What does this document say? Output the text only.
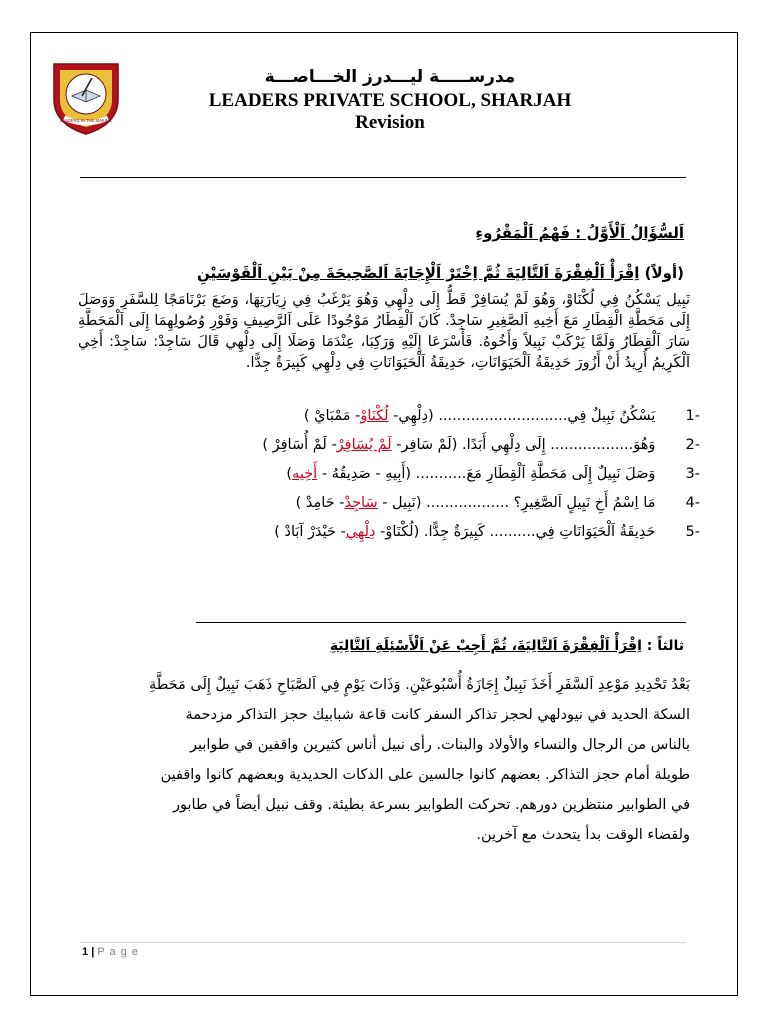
LEADERS IN THE MAKING
مدرســـــة ليـــدرز الخـــاصـــة
LEADERS PRIVATE SCHOOL, SHARJAH
Revision
اَلسُّؤَالُ اَلْأَوَّلُ : فَهْمُ اَلْمَقْرُوءِ
(أولاً) اِقْرَأْ اَلْفِقْرَةَ اَلتَّالِيَةَ ثُمَّ اِخْتَرْ اَلْإِجَابَةَ اَلصَّحِيحَةَ مِنْ بَيْنِ اَلْقَوْسَيْنِ
نَبِيل يَسْكُنُ فِي لُكْنَاوْ، وَهُوَ لَمْ يُسَافِرْ قَطُّ إِلَى دِلْهِي وَهُوَ يَرْغَبُ فِي زِيَارَتِهَا، وَضَعَ بَرْنَامَجًا لِلسَّفَرِ وَوَصَلَ إِلَى مَحَطَّةِ الْقِطَارِ مَعَ أَخِيهِ اَلصَّغِيرِ سَاجِدْ. كَانَ اَلْقِطَارُ مَوْجُودًا عَلَى اَلرَّصِيفِ وَفَوْرِ وُصُولِهِمَا إِلَى اَلْمَحَطَّةِ سَارَ اَلْقِطَارُ وَلَمَّا يَرْكَبْ نَبِيلاً وَأَخُوهُ. فَأَسْرَعَا إِلَيْهِ وَرَكِبَا، عِنْدَمَا وَصَلَا إِلَى دِلْهِي قَالَ سَاجِدْ: سَاجِدْ: أَخِي اَلْكَرِيمُ أُرِيدُ أَنْ أَزُورَ حَدِيقَةُ اَلْحَيَوَانَاتِ، حَدِيقَةُ اَلْحَيَوَانَاتِ فِي دِلْهِي كَبِيرَةٌ جِدًّا.
-1 يَسْكُنُ نَبِيلٌ فِي............................ (دِلْهِي- لُكْنَاوْ- مَمْبَايْ )
-2 وَهُوَ.................. إِلَى دِلْهِي أَبَدًا. (لَمْ سَافِر- لَمْ يُسَافِرْ- لَمْ أُسَافِرْ )
-3 وَصَلَ نَبِيلٌ إِلَى مَحَطَّةِ اَلْقِطَارِ مَعَ........... (أَبِيهِ - صَدِيقُهُ - أَخِيه)
-4 مَا اِسْمُ أَخِ نَبِيلٍ اَلصَّغِيرِ؟ .................. (نَبِيل - سَاجِدْ- حَامِدْ )
-5 حَدِيقَةُ اَلْحَيَوَانَاتِ فِي.......... كَبِيرَةٌ جِدًّا. (لُكْنَاوْ- دِلْهِي- حَيْدَرْ آبَادْ )
ثالثاً : اِقْرَأْ اَلْفِقْرَةَ اَلتَّالِيَةَ، ثُمَّ أَجِبْ عَنْ اَلْأَسْئِلَةِ اَلتَّالِيَةِ
بَعْدُ تَحْدِيدِ مَوْعِدِ اَلسَّفَرِ أَخَذَ نَبِيلٌ إِجَازَةُ أُسْبُوعَيْنِ. وَذَاتَ يَوْمٍ فِي اَلصَّبَاحِ ذَهَبَ نَبِيلٌ إِلَى مَحَطَّةِ
السكة الحديد في نيودلهي لحجز تذاكر السفر كانت قاعة شبابيك حجز التذاكر مزدحمة
بالناس من الرجال والنساء والأولاد والبنات. رأى نبيل أناس كثيرين واقفين في طوابير
طويلة أمام حجز التذاكر. بعضهم كانوا جالسين على الدكات الحديدية وبعضهم كانوا واقفين
في الطوابير منتظرين دورهم. تحركت الطوابير بسرعة بطيئة. وقف نبيل أيضاً في طابور
ولقضاء الوقت بدأ يتحدث مع آخرين.
1 | P a g e
